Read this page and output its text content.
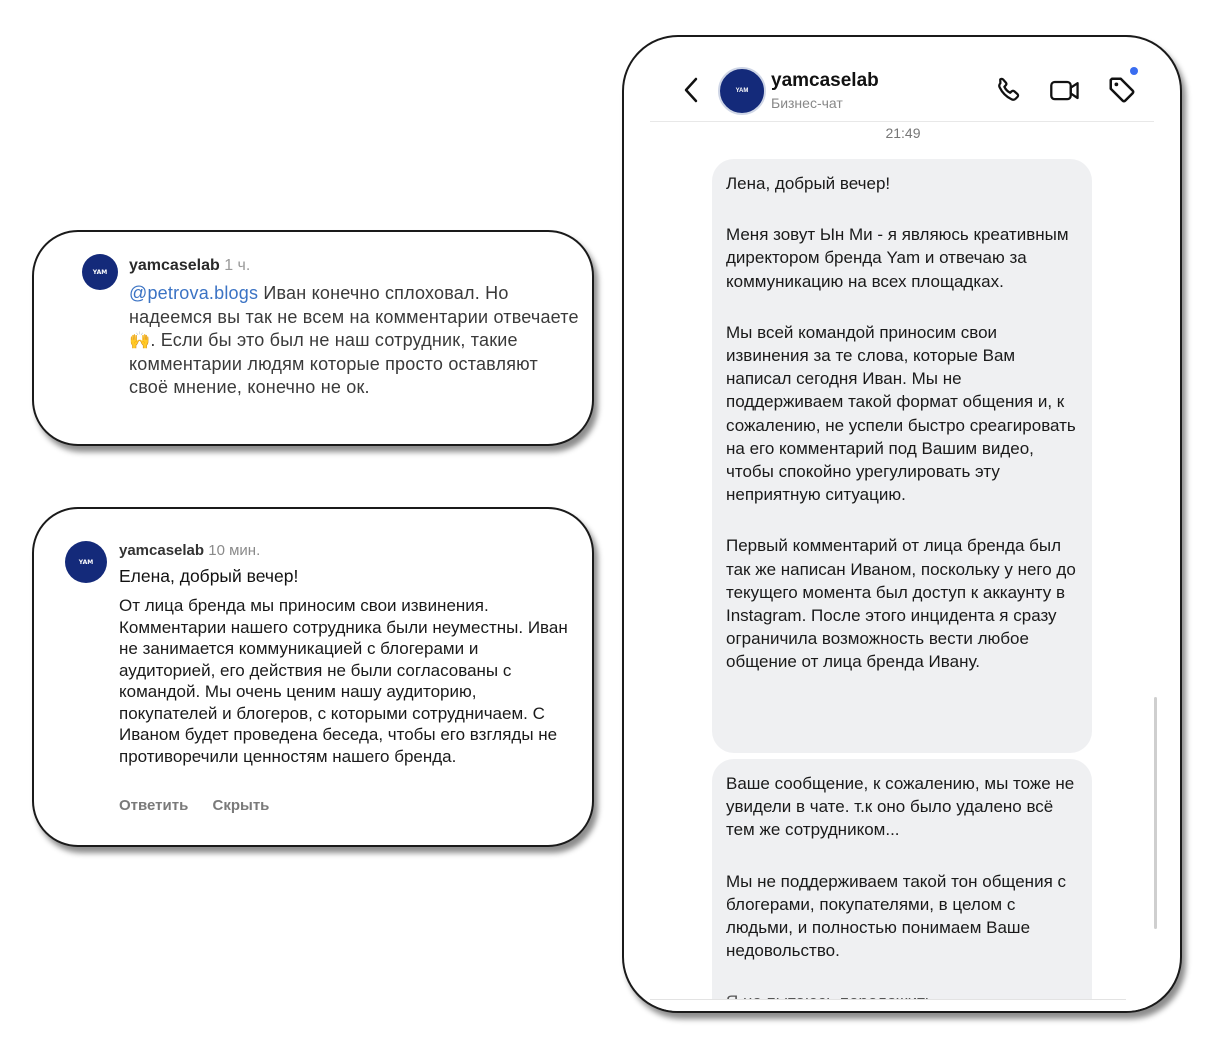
YAM	yamcaselab 1 ч.
@petrova.blogs Иван конечно сплоховал. Но надеемся вы так не всем на комментарии отвечаете 🙌. Если бы это был не наш сотрудник, такие комментарии людям которые просто оставляют своё мнение, конечно не ок.
YAM
yamcaselab 10 мин.
Елена, добрый вечер!
От лица бренда мы приносим свои извинения. Комментарии нашего сотрудника были неуместны. Иван не занимается коммуникацией с блогерами и аудиторией, его действия не были согласованы с командой. Мы очень ценим нашу аудиторию, покупателей и блогеров, с которыми сотрудничаем. С Иваном будет проведена беседа, чтобы его взгляды не противоречили ценностям нашего бренда.
Ответить Скрыть
YAM	yamcaselab
Бизнес-чат
21:49

Лена, добрый вечер!

Меня зовут Ын Ми - я являюсь креативным директором бренда Yam и отвечаю за коммуникацию на всех площадках.

Мы всей командой приносим свои извинения за те слова, которые Вам написал сегодня Иван. Мы не поддерживаем такой формат общения и, к сожалению, не успели быстро среагировать на его комментарий под Вашим видео, чтобы спокойно урегулировать эту неприятную ситуацию.

Первый комментарий от лица бренда был так же написан Иваном, поскольку у него до текущего момента был доступ к аккаунту в Instagram. После этого инцидента я сразу ограничила возможность вести любое общение от лица бренда Ивану.

Ваше сообщение, к сожалению, мы тоже не увидели в чате. т.к оно было удалено всё тем же сотрудником...

Мы не поддерживаем такой тон общения с блогерами, покупателями, в целом с людьми, и полностью понимаем Ваше недовольство.
